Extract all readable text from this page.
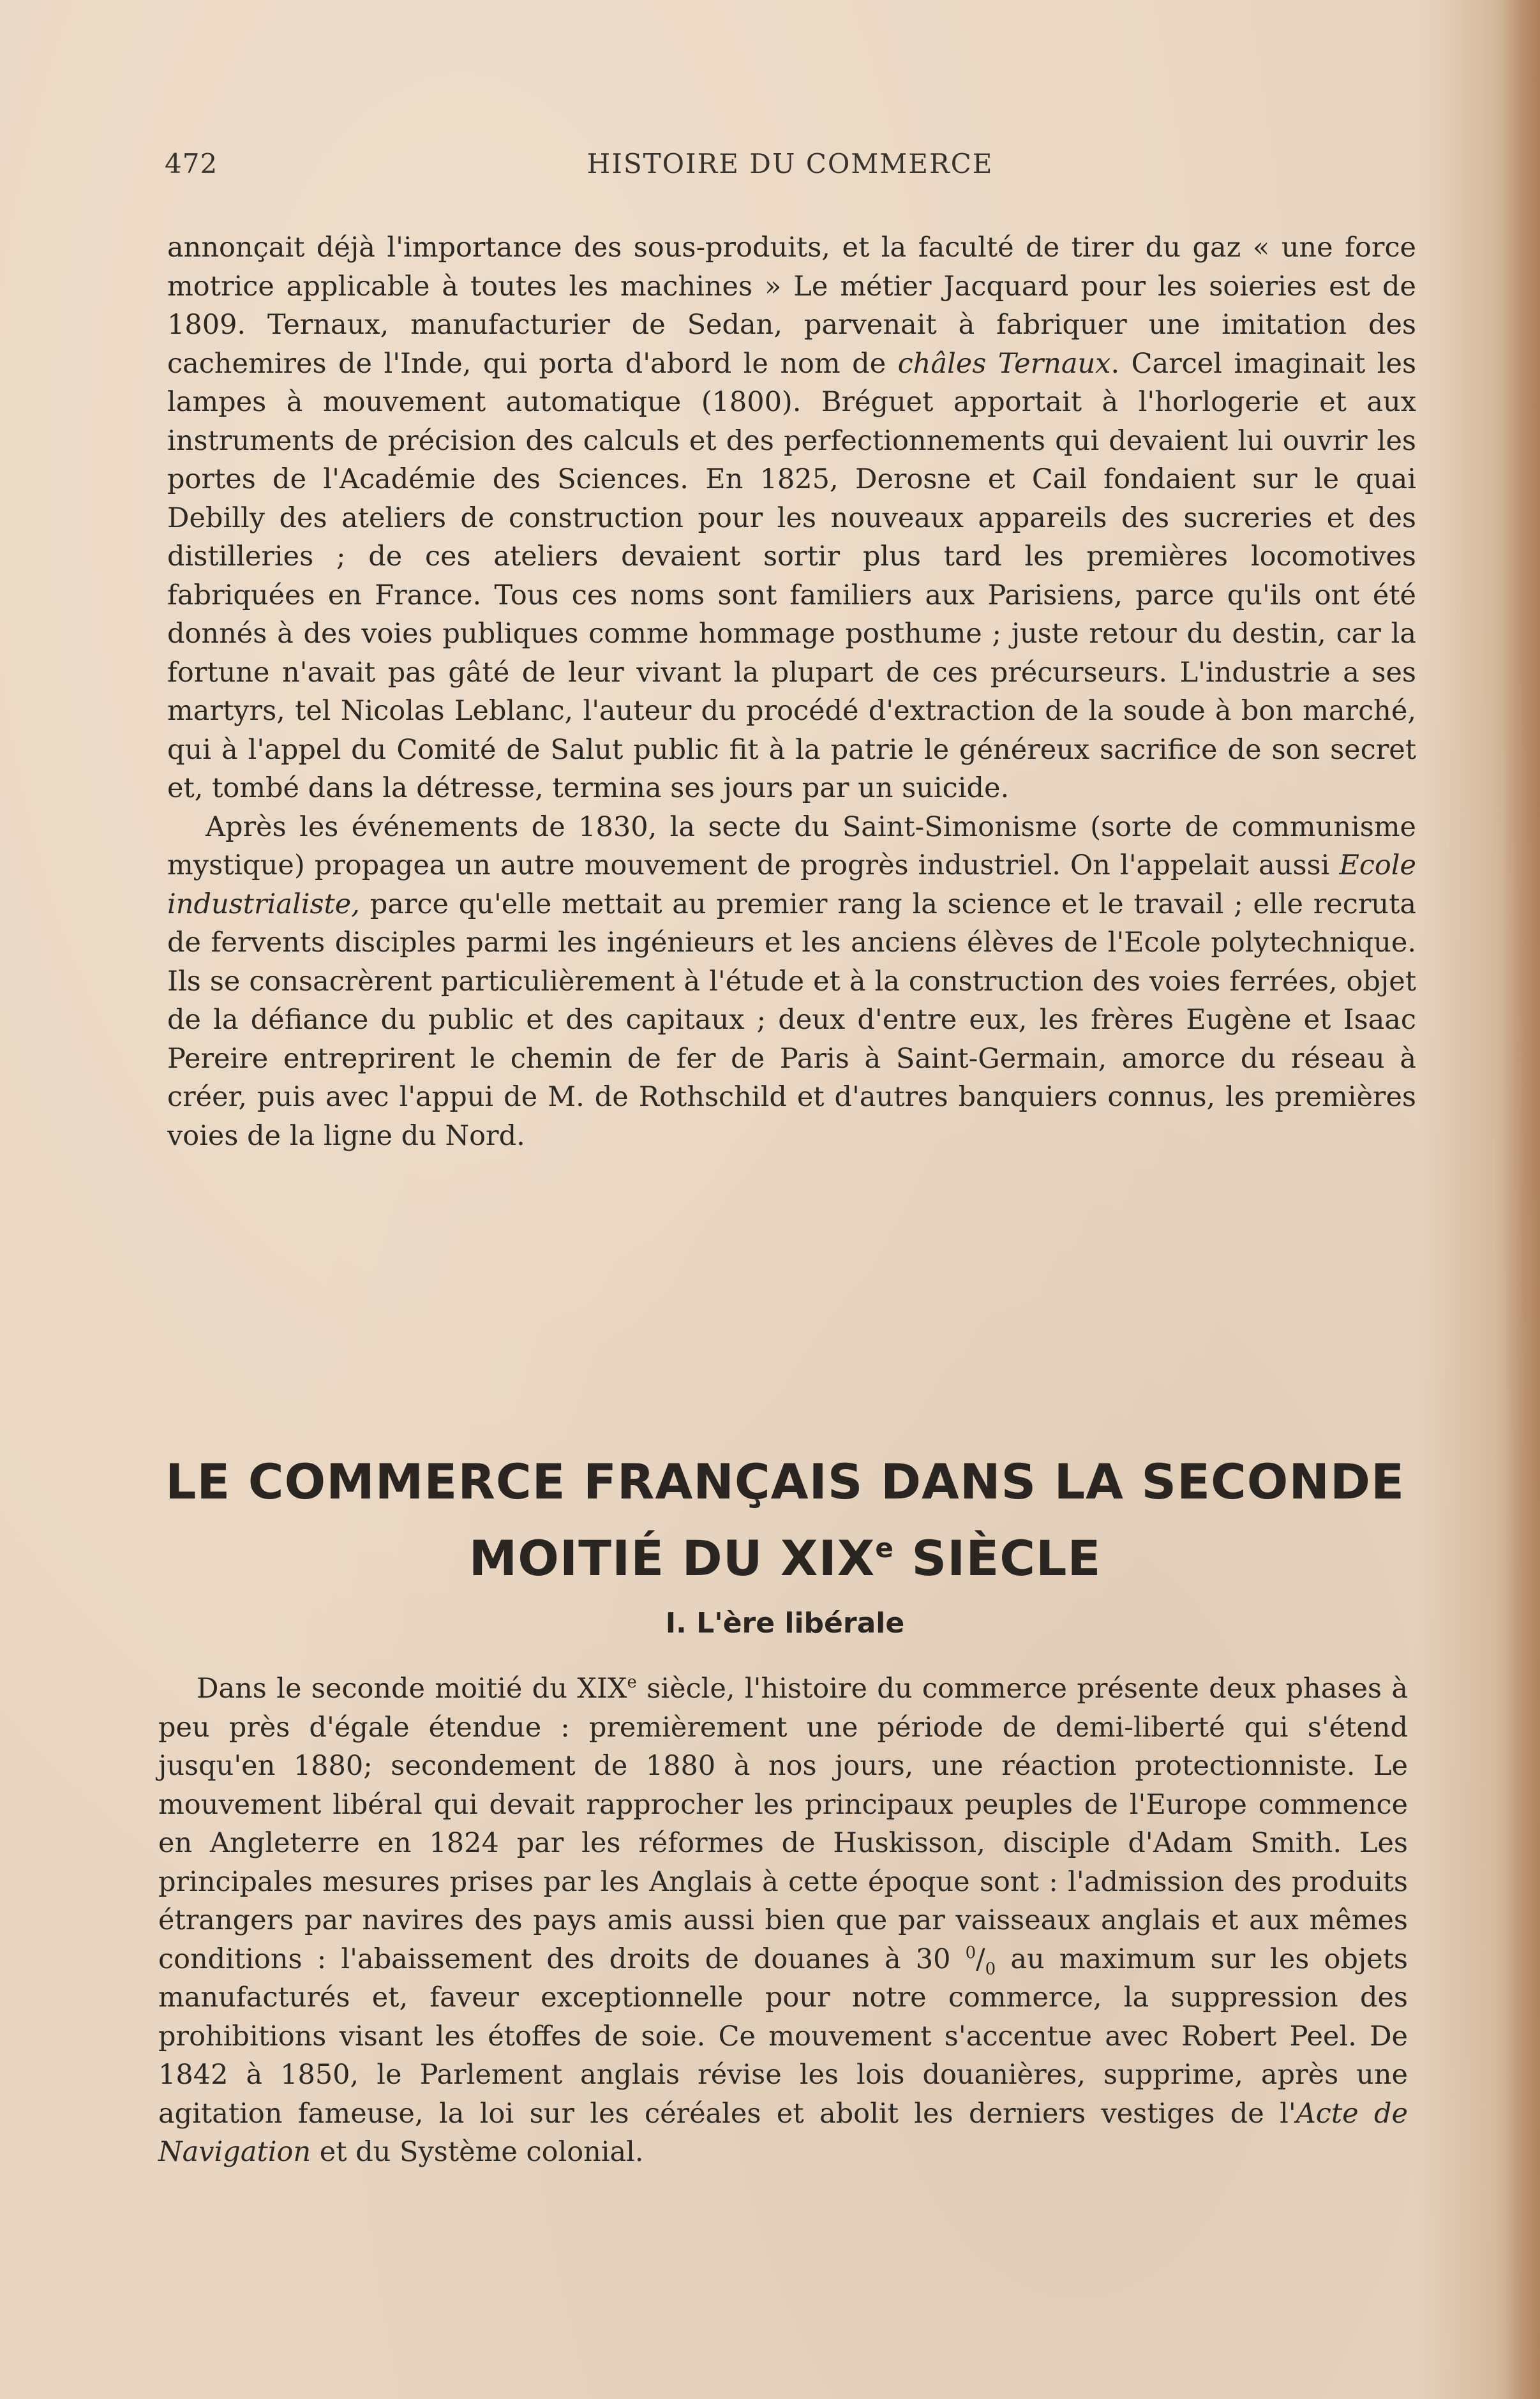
472	HISTOIRE DU COMMERCE

annonçait déjà l'importance des sous-produits, et la faculté de tirer du gaz « une force motrice applicable à toutes les machines » Le métier Jacquard pour les soieries est de 1809. Ternaux, manufacturier de Sedan, parvenait à fabriquer une imitation des cachemires de l'Inde, qui porta d'abord le nom de châles Ternaux. Carcel imaginait les lampes à mouvement automatique (1800). Bréguet apportait à l'horlogerie et aux instruments de précision des calculs et des perfectionnements qui devaient lui ouvrir les portes de l'Académie des Sciences. En 1825, Derosne et Cail fondaient sur le quai Debilly des ateliers de construction pour les nouveaux appareils des sucreries et des distilleries ; de ces ateliers devaient sortir plus tard les premières locomotives fabriquées en France. Tous ces noms sont familiers aux Parisiens, parce qu'ils ont été donnés à des voies publiques comme hommage posthume ; juste retour du destin, car la fortune n'avait pas gâté de leur vivant la plupart de ces précurseurs. L'industrie a ses martyrs, tel Nicolas Leblanc, l'auteur du procédé d'extraction de la soude à bon marché, qui à l'appel du Comité de Salut public fit à la patrie le généreux sacrifice de son secret et, tombé dans la détresse, termina ses jours par un suicide.

Après les événements de 1830, la secte du Saint-Simonisme (sorte de communisme mystique) propagea un autre mouvement de progrès industriel. On l'appelait aussi Ecole industrialiste, parce qu'elle mettait au premier rang la science et le travail ; elle recruta de fervents disciples parmi les ingénieurs et les anciens élèves de l'Ecole polytechnique. Ils se consacrèrent particulièrement à l'étude et à la construction des voies ferrées, objet de la défiance du public et des capitaux ; deux d'entre eux, les frères Eugène et Isaac Pereire entreprirent le chemin de fer de Paris à Saint-Germain, amorce du réseau à créer, puis avec l'appui de M. de Rothschild et d'autres banquiers connus, les premières voies de la ligne du Nord.

LE COMMERCE FRANÇAIS DANS LA SECONDE
MOITIÉ DU XIXe SIÈCLE
I. L'ère libérale

Dans le seconde moitié du XIXe siècle, l'histoire du commerce présente deux phases à peu près d'égale étendue : premièrement une période de demi-liberté qui s'étend jusqu'en 1880; secondement de 1880 à nos jours, une réaction protectionniste. Le mouvement libéral qui devait rapprocher les principaux peuples de l'Europe commence en Angleterre en 1824 par les réformes de Huskisson, disciple d'Adam Smith. Les principales mesures prises par les Anglais à cette époque sont : l'admission des produits étrangers par navires des pays amis aussi bien que par vaisseaux anglais et aux mêmes conditions : l'abaissement des droits de douanes à 30 $^0/_0$ au maximum sur les objets manufacturés et, faveur exceptionnelle pour notre commerce, la suppression des prohibitions visant les étoffes de soie. Ce mouvement s'accentue avec Robert Peel. De 1842 à 1850, le Parlement anglais révise les lois douanières, supprime, après une agitation fameuse, la loi sur les céréales et abolit les derniers vestiges de l'Acte de Navigation et du Système colonial.
